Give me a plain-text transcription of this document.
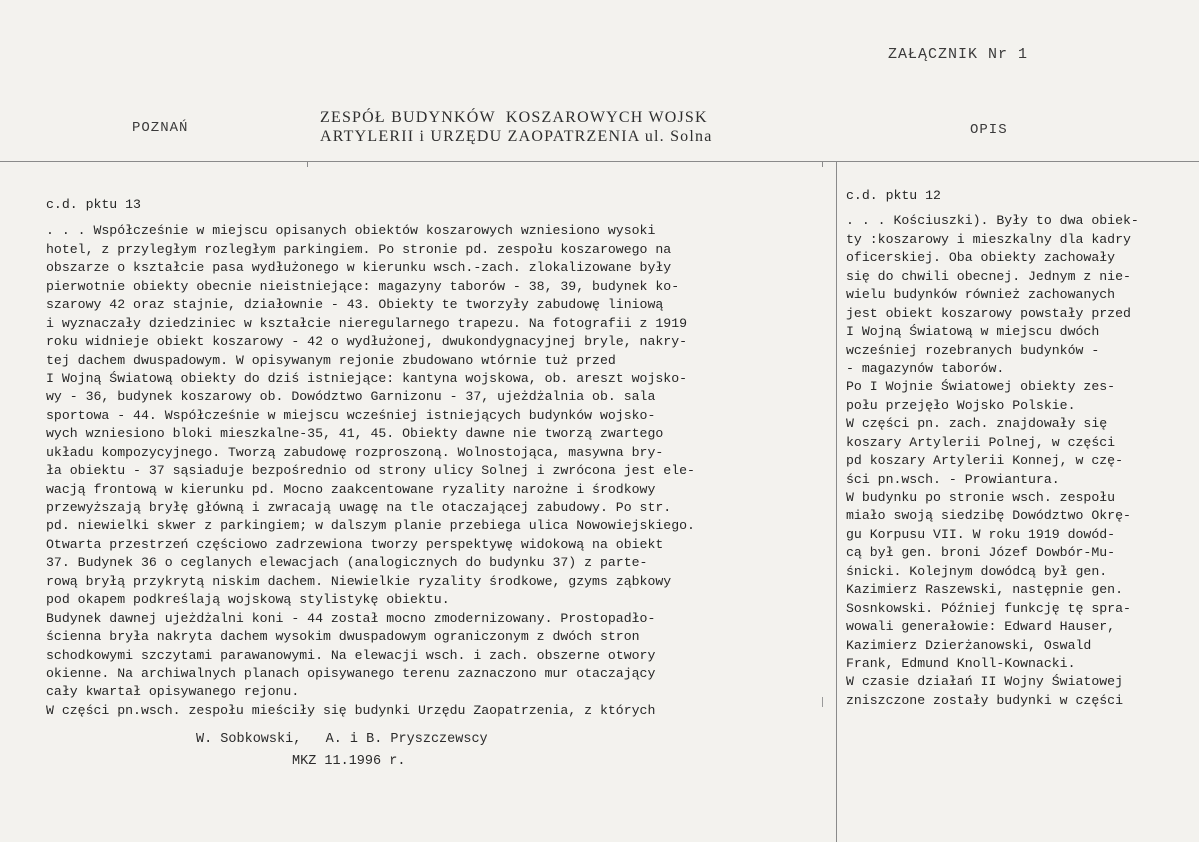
ZAŁĄCZNIK Nr 1
POZNAŃ
ZESPÓŁ BUDYNKÓW  KOSZAROWYCH WOJSK
ARTYLERII i URZĘDU ZAOPATRZENIA ul. Solna	OPIS
c.d. pktu 13
. . . Współcześnie w miejscu opisanych obiektów koszarowych wzniesiono wysoki
hotel, z przyległym rozległym parkingiem. Po stronie pd. zespołu koszarowego na
obszarze o kształcie pasa wydłużonego w kierunku wsch.-zach. zlokalizowane były
pierwotnie obiekty obecnie nieistniejące: magazyny taborów - 38, 39, budynek ko-
szarowy 42 oraz stajnie, działownie - 43. Obiekty te tworzyły zabudowę liniową
i wyznaczały dziedziniec w kształcie nieregularnego trapezu. Na fotografii z 1919
roku widnieje obiekt koszarowy - 42 o wydłużonej, dwukondygnacyjnej bryle, nakry-
tej dachem dwuspadowym. W opisywanym rejonie zbudowano wtórnie tuż przed
I Wojną Światową obiekty do dziś istniejące: kantyna wojskowa, ob. areszt wojsko-
wy - 36, budynek koszarowy ob. Dowództwo Garnizonu - 37, ujeżdżalnia ob. sala
sportowa - 44. Współcześnie w miejscu wcześniej istniejących budynków wojsko-
wych wzniesiono bloki mieszkalne-35, 41, 45. Obiekty dawne nie tworzą zwartego
układu kompozycyjnego. Tworzą zabudowę rozproszoną. Wolnostojąca, masywna bry-
ła obiektu - 37 sąsiaduje bezpośrednio od strony ulicy Solnej i zwrócona jest ele-
wacją frontową w kierunku pd. Mocno zaakcentowane ryzality narożne i środkowy
przewyższają bryłę główną i zwracają uwagę na tle otaczającej zabudowy. Po str.
pd. niewielki skwer z parkingiem; w dalszym planie przebiega ulica Nowowiejskiego.
Otwarta przestrzeń częściowo zadrzewiona tworzy perspektywę widokową na obiekt
37. Budynek 36 o ceglanych elewacjach (analogicznych do budynku 37) z parte-
rową bryłą przykrytą niskim dachem. Niewielkie ryzality środkowe, gzyms ząbkowy
pod okapem podkreślają wojskową stylistykę obiektu.
Budynek dawnej ujeżdżalni koni - 44 został mocno zmodernizowany. Prostopadło-
ścienna bryła nakryta dachem wysokim dwuspadowym ograniczonym z dwóch stron
schodkowymi szczytami parawanowymi. Na elewacji wsch. i zach. obszerne otwory
okienne. Na archiwalnych planach opisywanego terenu zaznaczono mur otaczający
cały kwartał opisywanego rejonu.
W części pn.wsch. zespołu mieściły się budynki Urzędu Zaopatrzenia, z których
c.d. pktu 12
. . . Kościuszki). Były to dwa obiek-
ty :koszarowy i mieszkalny dla kadry
oficerskiej. Oba obiekty zachowały
się do chwili obecnej. Jednym z nie-
wielu budynków również zachowanych
jest obiekt koszarowy powstały przed
I Wojną Światową w miejscu dwóch
wcześniej rozebranych budynków -
- magazynów taborów.
Po I Wojnie Światowej obiekty zes-
połu przejęło Wojsko Polskie.
W części pn. zach. znajdowały się
koszary Artylerii Polnej, w części
pd koszary Artylerii Konnej, w czę-
ści pn.wsch. - Prowiantura.
W budynku po stronie wsch. zespołu
miało swoją siedzibę Dowództwo Okrę-
gu Korpusu VII. W roku 1919 dowód-
cą był gen. broni Józef Dowbór-Mu-
śnicki. Kolejnym dowódcą był gen.
Kazimierz Raszewski, następnie gen.
Sosnkowski. Później funkcję tę spra-
wowali generałowie: Edward Hauser,
Kazimierz Dzierżanowski, Oswald
Frank, Edmund Knoll-Kownacki.
W czasie działań II Wojny Światowej
zniszczone zostały budynki w części
W. Sobkowski,   A. i B. Pryszczewscy
MKZ 11.1996 r.
